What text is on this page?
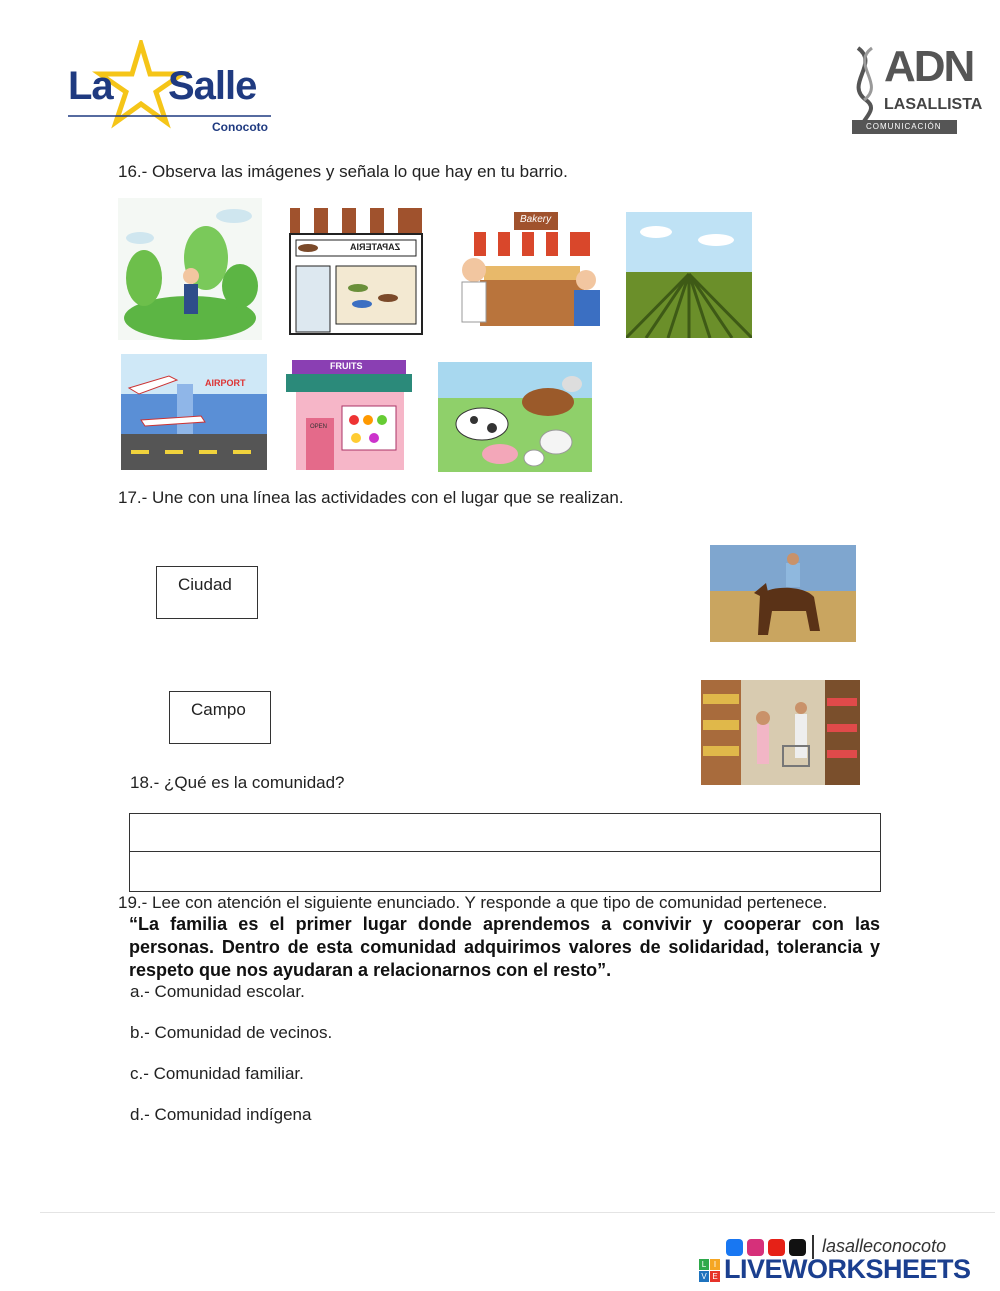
La Salle
Conocoto
ADN
LASALLISTA
COMUNICACIÓN
16.- Observa las imágenes y señala lo que hay en tu barrio.
ZAPATERIA
Bakery
AIRPORT
FRUITS
OPEN
17.- Une con una línea las actividades con el lugar que se realizan.
Ciudad
Campo
18.- ¿Qué es la comunidad?
19.- Lee con atención el siguiente enunciado. Y responde a que tipo de comunidad pertenece.
“La familia es el primer lugar donde aprendemos a convivir y cooperar con las personas. Dentro de esta comunidad adquirimos valores de solidaridad, tolerancia y respeto que nos ayudaran a relacionarnos con el resto”.
a.- Comunidad escolar.
b.- Comunidad de vecinos.
c.- Comunidad familiar.
d.- Comunidad indígena
lasalleconocoto
L I
V E LIVEWORKSHEETS
